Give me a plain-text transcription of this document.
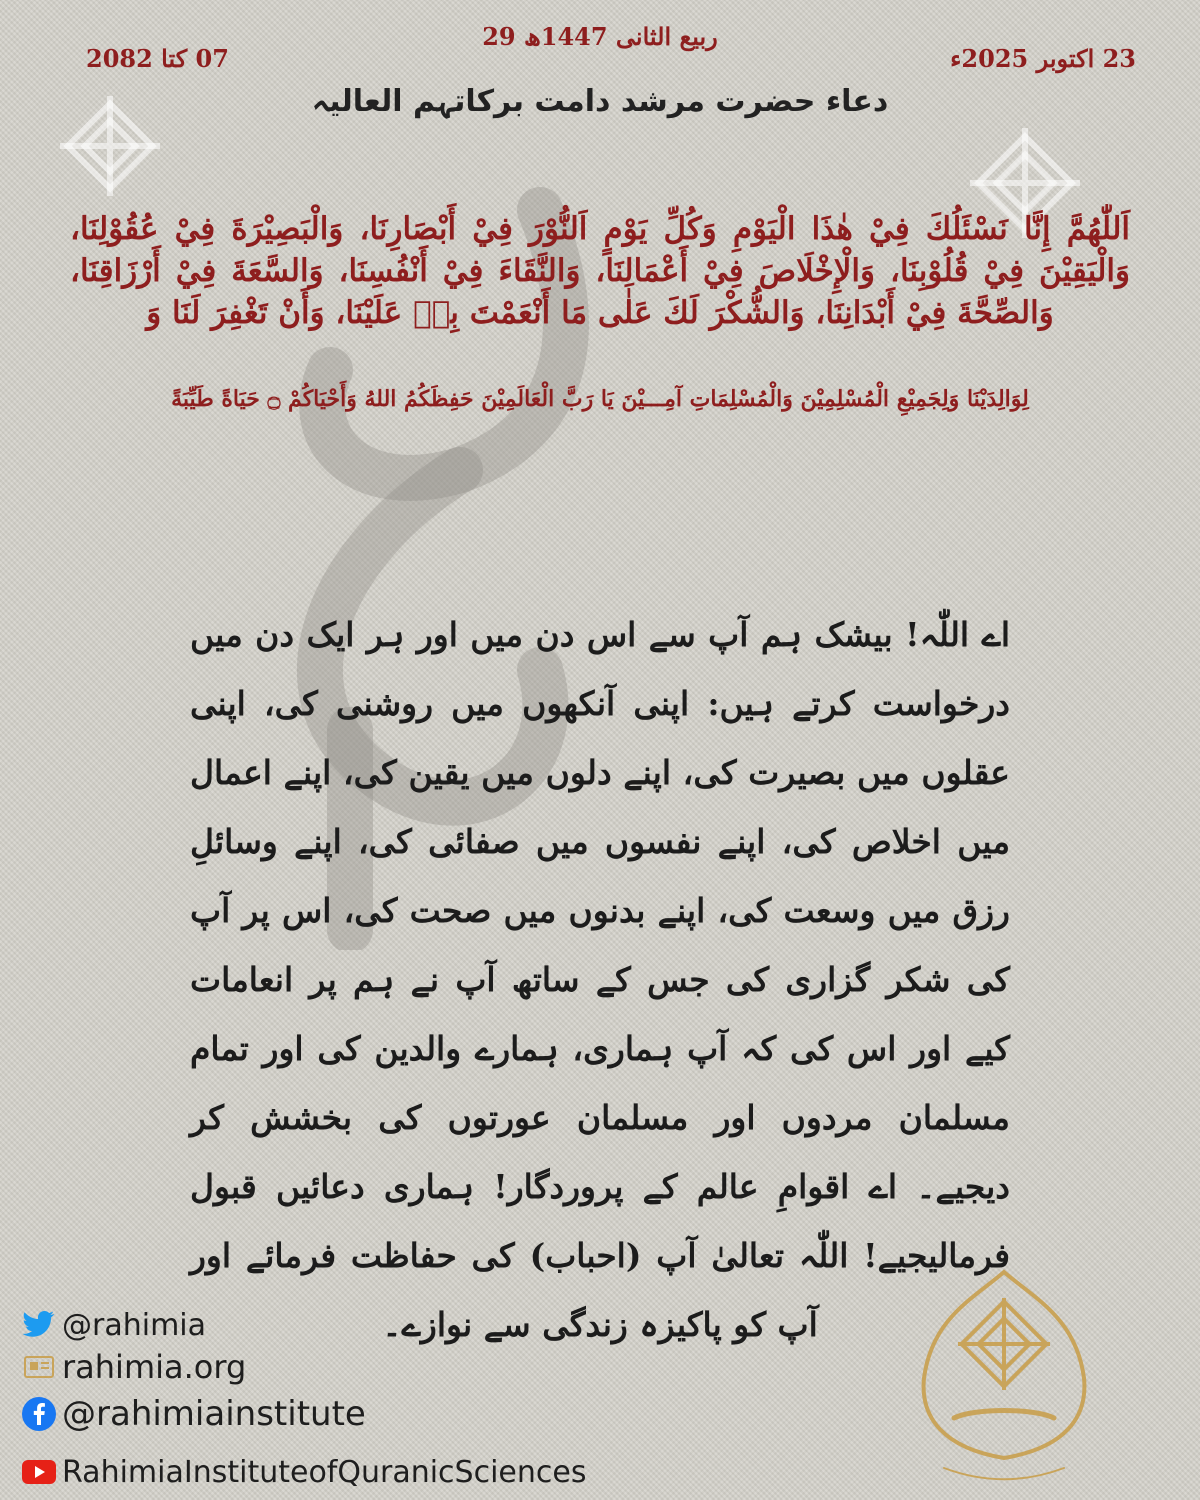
29 ربیع الثانی 1447ھ
23 اکتوبر 2025ء
07 کتا 2082
دعاء حضرت مرشد دامت برکاتہم العالیہ
اَللّٰهُمَّ إِنَّا نَسْئَلُكَ فِيْ هٰذَا الْيَوْمِ وَكُلِّ يَوْمٍ اَلنُّوْرَ فِيْ أَبْصَارِنَا، وَالْبَصِيْرَةَ فِيْ عُقُوْلِنَا، وَالْيَقِيْنَ فِيْ قُلُوْبِنَا، وَالْإِخْلَاصَ فِيْ أَعْمَالِنَا، وَالنَّقَاءَ فِيْ أَنْفُسِنَا، وَالسَّعَةَ فِيْ أَرْزَاقِنَا، وَالصِّحَّةَ فِيْ أَبْدَانِنَا، وَالشُّكْرَ لَكَ عَلٰى مَا أَنْعَمْتَ بِهٖ عَلَيْنَا، وَأَنْ تَغْفِرَ لَنَا وَ
لِوَالِدَيْنَا وَلِجَمِيْعِ الْمُسْلِمِيْنَ وَالْمُسْلِمَاتِ آمِـــيْنَ يَا رَبَّ الْعَالَمِيْنَ حَفِظَكُمُ اللهُ وَأَحْيَاكُمْ ۝ حَيَاةً طَيِّبَةً
اے اللّٰہ! بیشک ہم آپ سے اس دن میں اور ہر ایک دن میں درخواست کرتے ہیں: اپنی آنکھوں میں روشنی کی، اپنی عقلوں میں بصیرت کی، اپنے دلوں میں یقین کی، اپنے اعمال میں اخلاص کی، اپنے نفسوں میں صفائی کی، اپنے وسائلِ رزق میں وسعت کی، اپنے بدنوں میں صحت کی، اس پر آپ کی شکر گزاری کی جس کے ساتھ آپ نے ہم پر انعامات کیے اور اس کی کہ آپ ہماری، ہمارے والدین کی اور تمام مسلمان مردوں اور مسلمان عورتوں کی بخشش کر دیجیے۔ اے اقوامِ عالم کے پروردگار! ہماری دعائیں قبول فرمالیجیے! اللّٰہ تعالیٰ آپ (احباب) کی حفاظت فرمائے اور آپ کو پاکیزہ زندگی سے نوازے۔
@rahimia
rahimia.org
@rahimiainstitute
RahimiaInstituteofQuranicSciences
